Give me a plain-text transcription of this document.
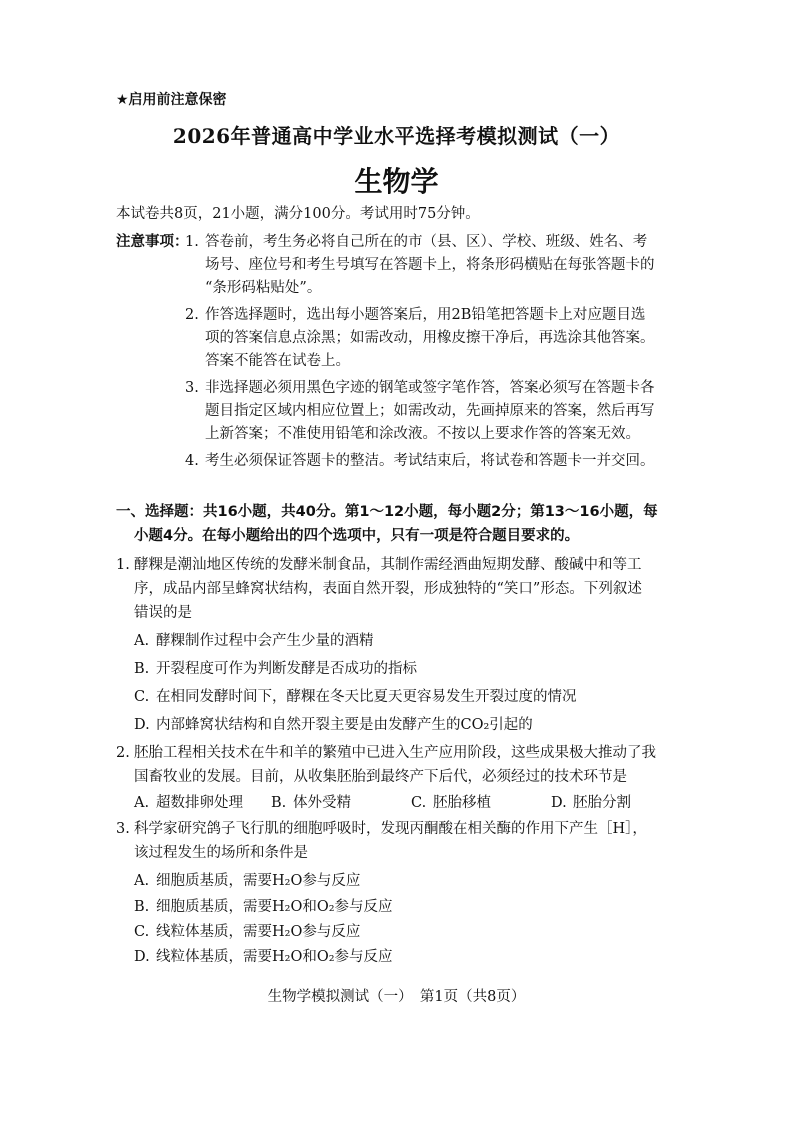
★启用前注意保密
2026年普通高中学业水平选择考模拟测试（一）
生物学
本试卷共8页，21小题，满分100分。考试用时75分钟。
注意事项：
1. 答卷前，考生务必将自己所在的市（县、区）、学校、班级、姓名、考
场号、座位号和考生号填写在答题卡上，将条形码横贴在每张答题卡的
“条形码粘贴处”。
2. 作答选择题时，选出每小题答案后，用2B铅笔把答题卡上对应题目选
项的答案信息点涂黑；如需改动，用橡皮擦干净后，再选涂其他答案。
答案不能答在试卷上。
3. 非选择题必须用黑色字迹的钢笔或签字笔作答，答案必须写在答题卡各
题目指定区域内相应位置上；如需改动，先画掉原来的答案，然后再写
上新答案；不准使用铅笔和涂改液。不按以上要求作答的答案无效。
4. 考生必须保证答题卡的整洁。考试结束后，将试卷和答题卡一并交回。
一、选择题：共16小题，共40分。第1～12小题，每小题2分；第13～16小题，每
小题4分。在每小题给出的四个选项中，只有一项是符合题目要求的。
1. 酵粿是潮汕地区传统的发酵米制食品，其制作需经酒曲短期发酵、酸碱中和等工
序，成品内部呈蜂窝状结构，表面自然开裂，形成独特的“笑口”形态。下列叙述
错误的是
A. 酵粿制作过程中会产生少量的酒精
B. 开裂程度可作为判断发酵是否成功的指标
C. 在相同发酵时间下，酵粿在冬天比夏天更容易发生开裂过度的情况
D. 内部蜂窝状结构和自然开裂主要是由发酵产生的CO₂引起的
2. 胚胎工程相关技术在牛和羊的繁殖中已进入生产应用阶段，这些成果极大推动了我
国畜牧业的发展。目前，从收集胚胎到最终产下后代，必须经过的技术环节是
A. 超数排卵处理 B. 体外受精	C. 胚胎移植	D. 胚胎分割
3. 科学家研究鸽子飞行肌的细胞呼吸时，发现丙酮酸在相关酶的作用下产生［H］，
该过程发生的场所和条件是
A. 细胞质基质，需要H₂O参与反应
B. 细胞质基质，需要H₂O和O₂参与反应
C. 线粒体基质，需要H₂O参与反应
D. 线粒体基质，需要H₂O和O₂参与反应
生物学模拟测试（一）　第1页（共8页）
